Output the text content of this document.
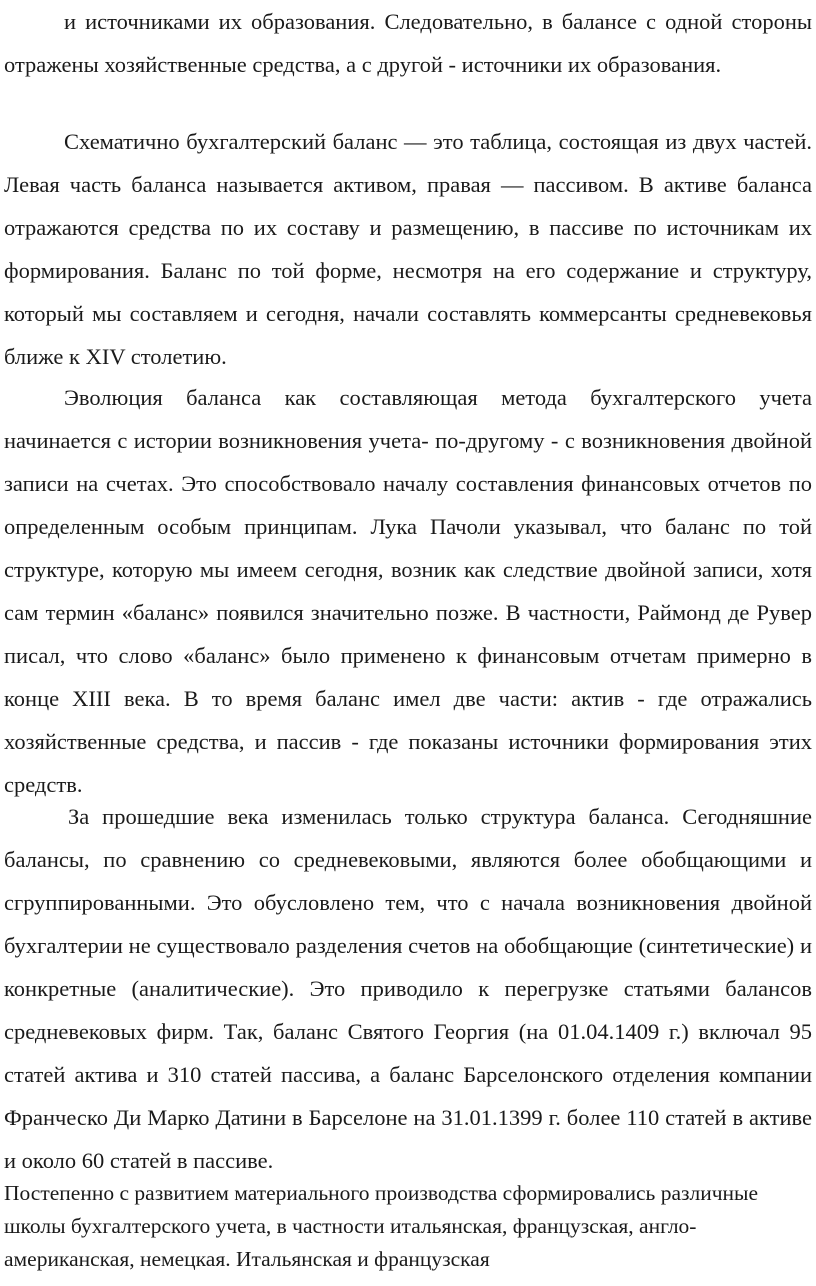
и источниками их образования. Следовательно, в балансе с одной стороны отражены хозяйственные средства, а с другой - источники их образования.

Схематично бухгалтерский баланс — это таблица, состоящая из двух частей. Левая часть баланса называется активом, правая — пассивом. В активе баланса отражаются средства по их составу и размещению, в пассиве по источникам их формирования. Баланс по той форме, несмотря на его содержание и структуру, который мы составляем и сегодня, начали составлять коммерсанты средневековья ближе к XIV столетию.

Эволюция баланса как составляющая метода бухгалтерского учета начинается с истории возникновения учета- по-другому - с возникновения двойной записи на счетах. Это способствовало началу составления финансовых отчетов по определенным особым принципам. Лука Пачоли указывал, что баланс по той структуре, которую мы имеем сегодня, возник как следствие двойной записи, хотя сам термин «баланс» появился значительно позже. В частности, Раймонд де Рувер писал, что слово «баланс» было применено к финансовым отчетам примерно в конце XIII века. В то время баланс имел две части: актив - где отражались хозяйственные средства, и пассив - где показаны источники формирования этих средств.

За прошедшие века изменилась только структура баланса. Сегодняшние балансы, по сравнению со средневековыми, являются более обобщающими и сгруппированными. Это обусловлено тем, что с начала возникновения двойной бухгалтерии не существовало разделения счетов на обобщающие (синтетические) и конкретные (аналитические). Это приводило к перегрузке статьями балансов средневековых фирм. Так, баланс Святого Георгия (на 01.04.1409 г.) включал 95 статей актива и 310 статей пассива, а баланс Барселонского отделения компании Франческо Ди Марко Датини в Барселоне на 31.01.1399 г. более 110 статей в активе и около 60 статей в пассиве.

Постепенно с развитием материального производства сформировались различные школы бухгалтерского учета, в частности итальянская, французская, англо-американская, немецкая. Итальянская и французская
